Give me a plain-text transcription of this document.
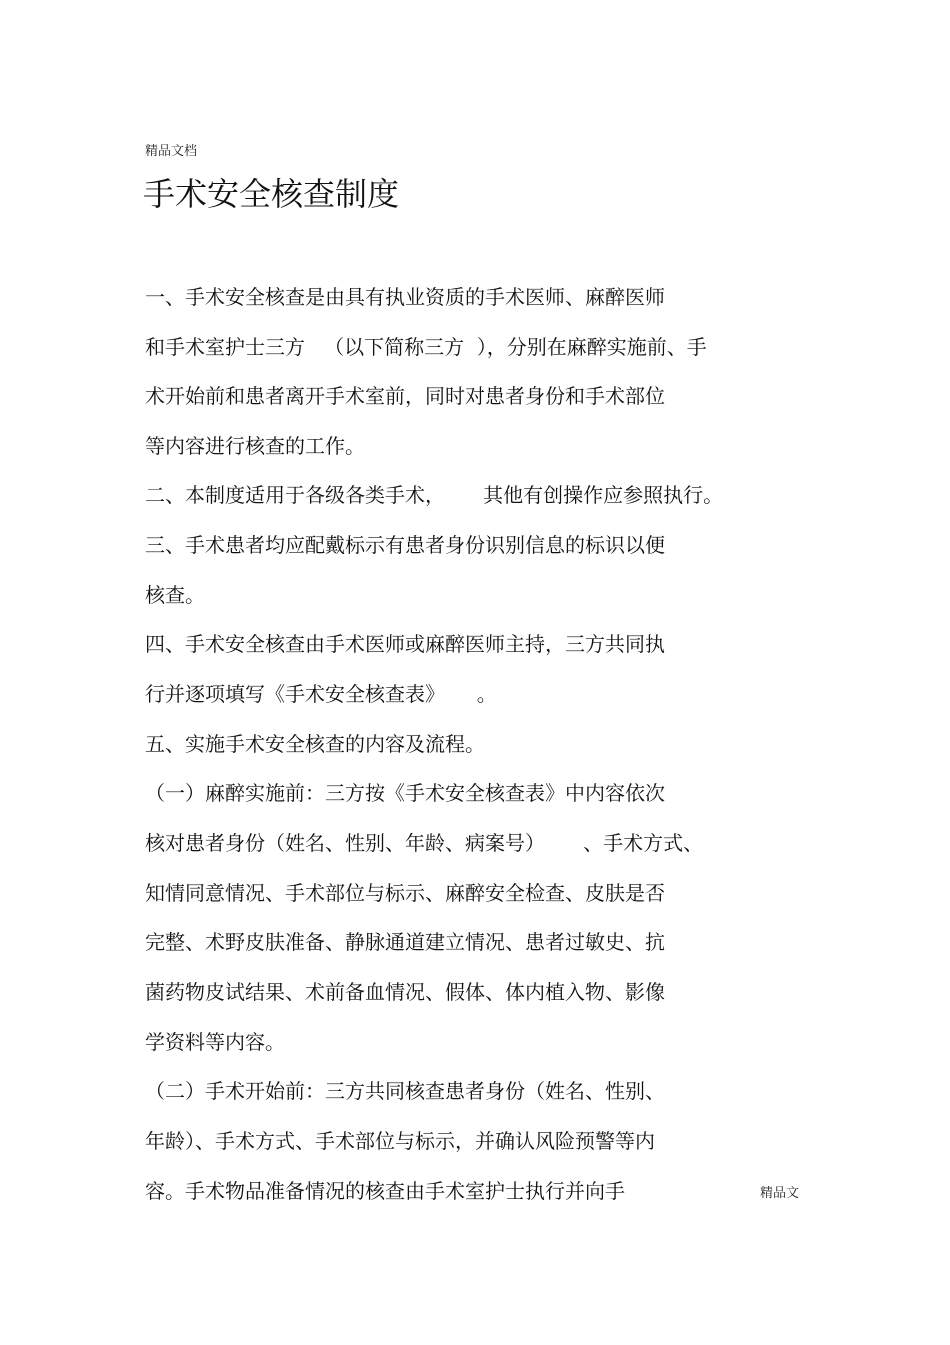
精品文档
手术安全核查制度
一、手术安全核查是由具有执业资质的手术医师、麻醉医师
和手术室护士三方   （以下简称三方  ），分别在麻醉实施前、手
术开始前和患者离开手术室前，同时对患者身份和手术部位
等内容进行核查的工作。
二、本制度适用于各级各类手术，      其他有创操作应参照执行。
三、手术患者均应配戴标示有患者身份识别信息的标识以便
核查。
四、手术安全核查由手术医师或麻醉医师主持，三方共同执
行并逐项填写《手术安全核查表》     。
五、实施手术安全核查的内容及流程。
（一）麻醉实施前：三方按《手术安全核查表》中内容依次
核对患者身份（姓名、性别、年龄、病案号）      、手术方式、
知情同意情况、手术部位与标示、麻醉安全检查、皮肤是否
完整、术野皮肤准备、静脉通道建立情况、患者过敏史、抗
菌药物皮试结果、术前备血情况、假体、体内植入物、影像
学资料等内容。
（二）手术开始前：三方共同核查患者身份（姓名、性别、
年龄）、手术方式、手术部位与标示，并确认风险预警等内
容。手术物品准备情况的核查由手术室护士执行并向手	精品文
